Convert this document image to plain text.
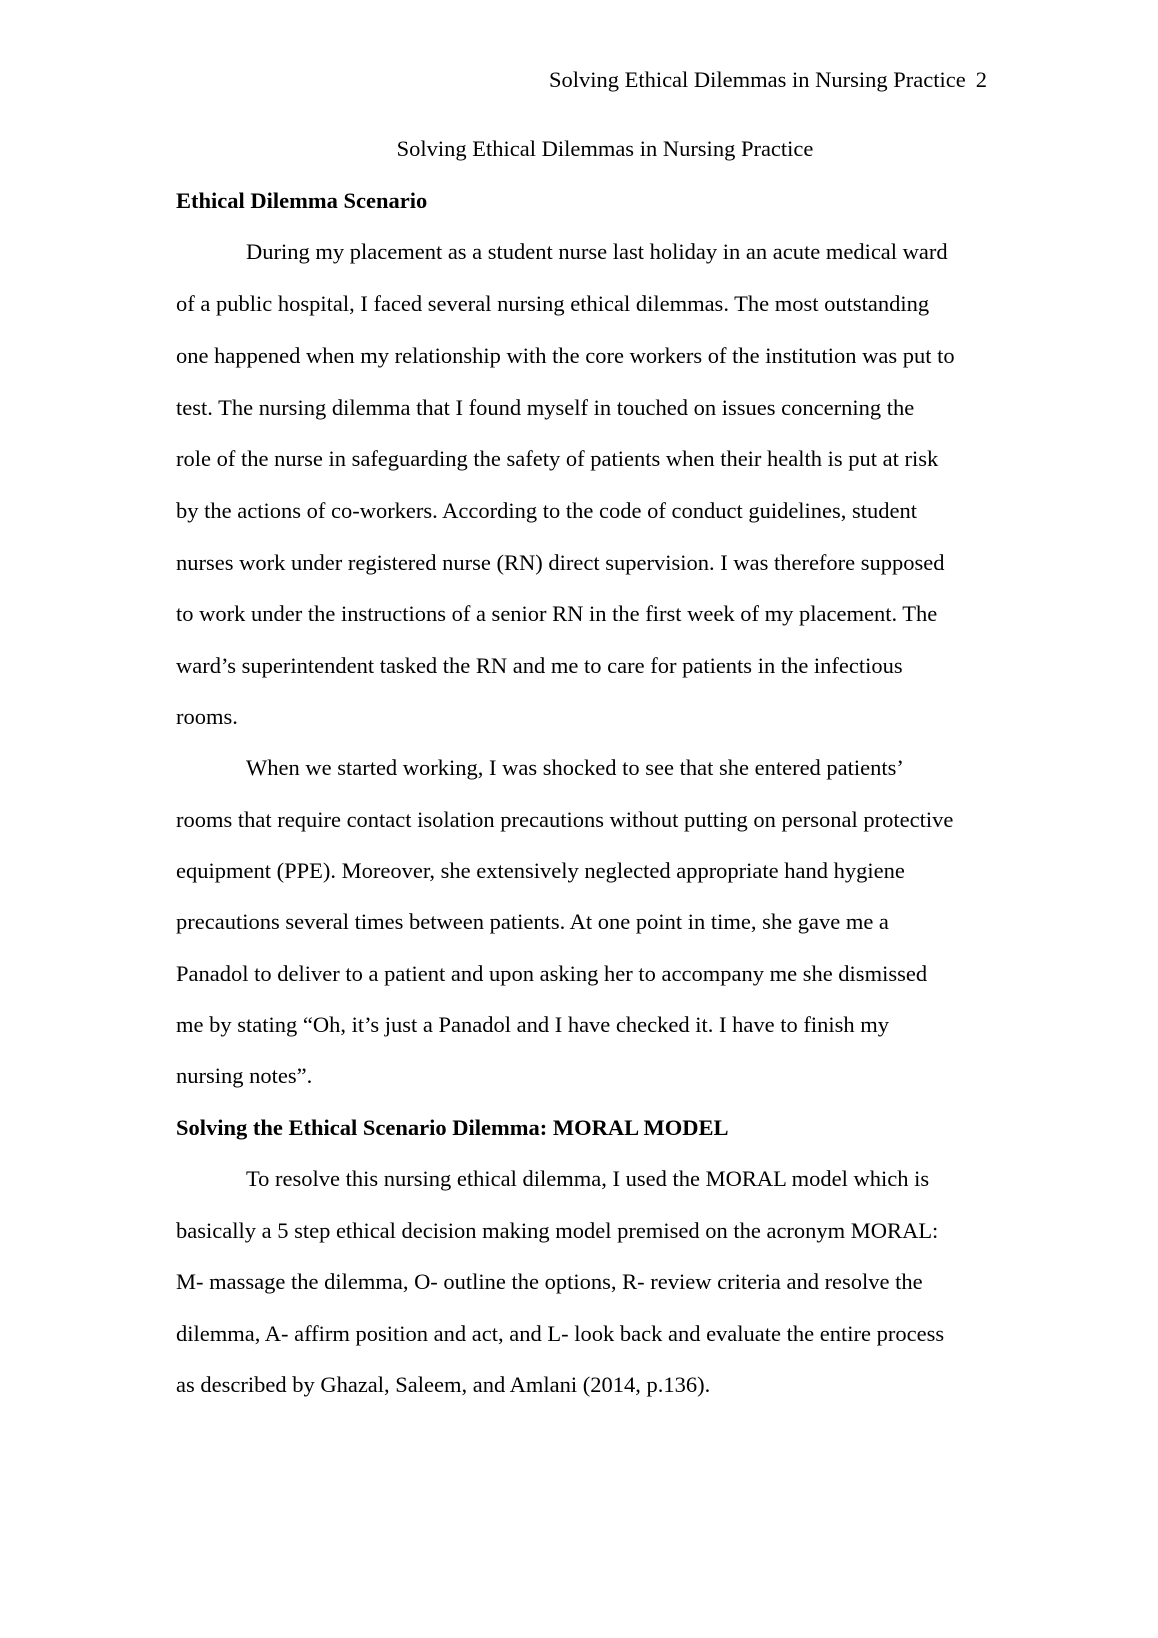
Solving Ethical Dilemmas in Nursing Practice 2
Solving Ethical Dilemmas in Nursing Practice
Ethical Dilemma Scenario
During my placement as a student nurse last holiday in an acute medical ward
of a public hospital, I faced several nursing ethical dilemmas. The most outstanding
one happened when my relationship with the core workers of the institution was put to
test. The nursing dilemma that I found myself in touched on issues concerning the
role of the nurse in safeguarding the safety of patients when their health is put at risk
by the actions of co-workers. According to the code of conduct guidelines, student
nurses work under registered nurse (RN) direct supervision. I was therefore supposed
to work under the instructions of a senior RN in the first week of my placement. The
ward’s superintendent tasked the RN and me to care for patients in the infectious
rooms.
When we started working, I was shocked to see that she entered patients’
rooms that require contact isolation precautions without putting on personal protective
equipment (PPE). Moreover, she extensively neglected appropriate hand hygiene
precautions several times between patients. At one point in time, she gave me a
Panadol to deliver to a patient and upon asking her to accompany me she dismissed
me by stating “Oh, it’s just a Panadol and I have checked it. I have to finish my
nursing notes”.
Solving the Ethical Scenario Dilemma: MORAL MODEL
To resolve this nursing ethical dilemma, I used the MORAL model which is
basically a 5 step ethical decision making model premised on the acronym MORAL:
M- massage the dilemma, O- outline the options, R- review criteria and resolve the
dilemma, A- affirm position and act, and L- look back and evaluate the entire process
as described by Ghazal, Saleem, and Amlani (2014, p.136).
